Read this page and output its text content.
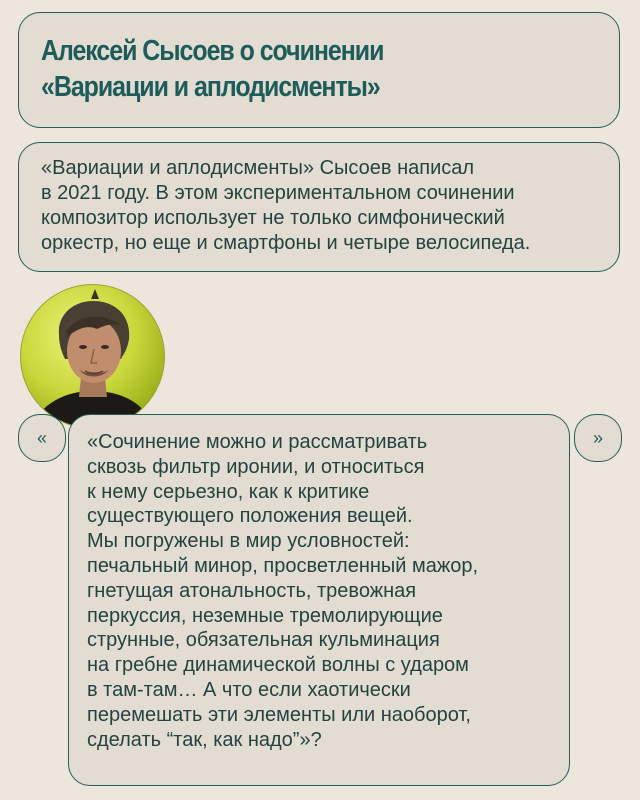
Алексей Сысоев о сочинении
«Вариации и аплодисменты»

«Вариации и аплодисменты» Сысоев написал
в 2021 году. В этом экспериментальном сочинении
композитор использует не только симфонический
оркестр, но еще и смартфоны и четыре велосипеда.

« «Сочинение можно и рассматривать
сквозь фильтр иронии, и относиться
к нему серьезно, как к критике
существующего положения вещей.
Мы погружены в мир условностей:
печальный минор, просветленный мажор,
гнетущая атональность, тревожная
перкуссия, неземные тремолирующие
струнные, обязательная кульминация
на гребне динамической волны с ударом
в там-там… А что если хаотически
перемешать эти элементы или наоборот,
сделать “так, как надо”»?

»
